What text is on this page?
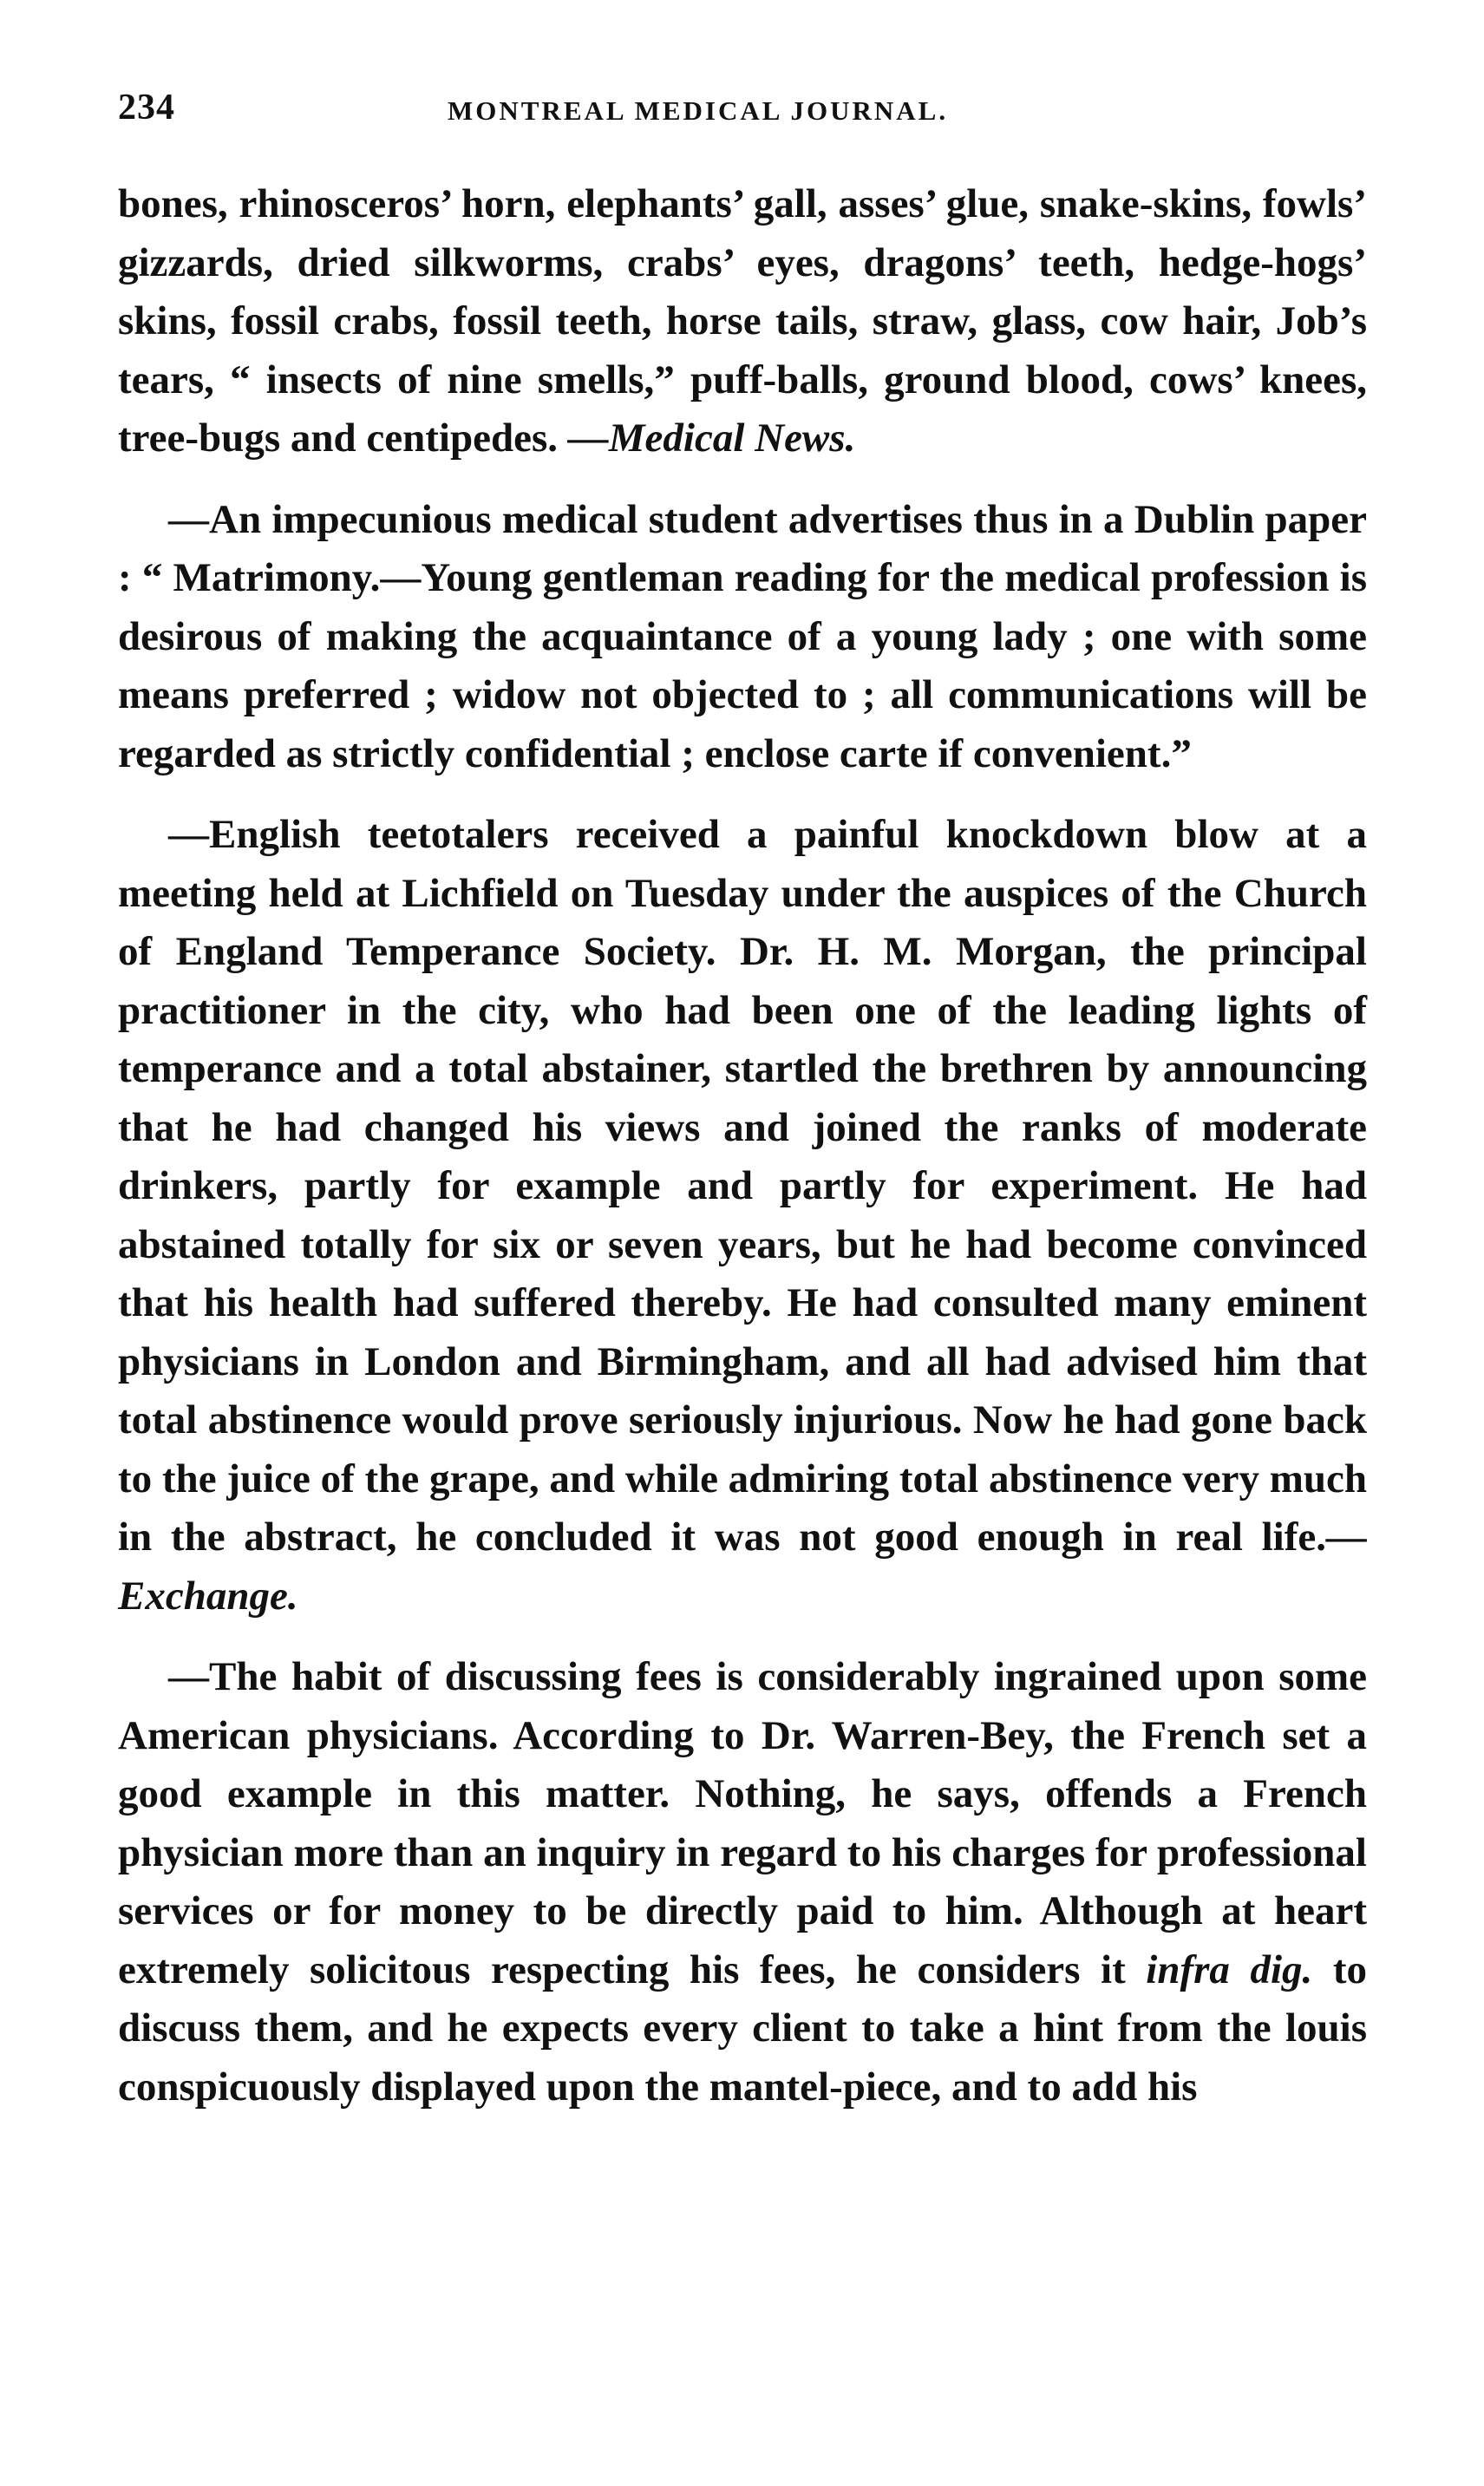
234	MONTREAL MEDICAL JOURNAL.

bones, rhinosceros’ horn, elephants’ gall, asses’ glue, snake-skins, fowls’ gizzards, dried silkworms, crabs’ eyes, dragons’ teeth, hedge-hogs’ skins, fossil crabs, fossil teeth, horse tails, straw, glass, cow hair, Job’s tears, “ insects of nine smells,” puff-balls, ground blood, cows’ knees, tree-bugs and centipedes. —Medical News.

—An impecunious medical student advertises thus in a Dublin paper : “ Matrimony.—Young gentleman reading for the medical profession is desirous of making the acquaintance of a young lady ; one with some means preferred ; widow not objected to ; all communications will be regarded as strictly confidential ; enclose carte if convenient.”

—English teetotalers received a painful knockdown blow at a meeting held at Lichfield on Tuesday under the auspices of the Church of England Temperance Society. Dr. H. M. Morgan, the principal practitioner in the city, who had been one of the leading lights of temperance and a total abstainer, startled the brethren by announcing that he had changed his views and joined the ranks of moderate drinkers, partly for example and partly for experiment. He had abstained totally for six or seven years, but he had become convinced that his health had suffered thereby. He had consulted many eminent physicians in London and Birmingham, and all had advised him that total abstinence would prove seriously injurious. Now he had gone back to the juice of the grape, and while admiring total abstinence very much in the abstract, he concluded it was not good enough in real life.—Exchange.

—The habit of discussing fees is considerably ingrained upon some American physicians. According to Dr. Warren-Bey, the French set a good example in this matter. Nothing, he says, offends a French physician more than an inquiry in regard to his charges for professional services or for money to be directly paid to him. Although at heart extremely solicitous respecting his fees, he considers it infra dig. to discuss them, and he expects every client to take a hint from the louis conspicuously displayed upon the mantel-piece, and to add his
